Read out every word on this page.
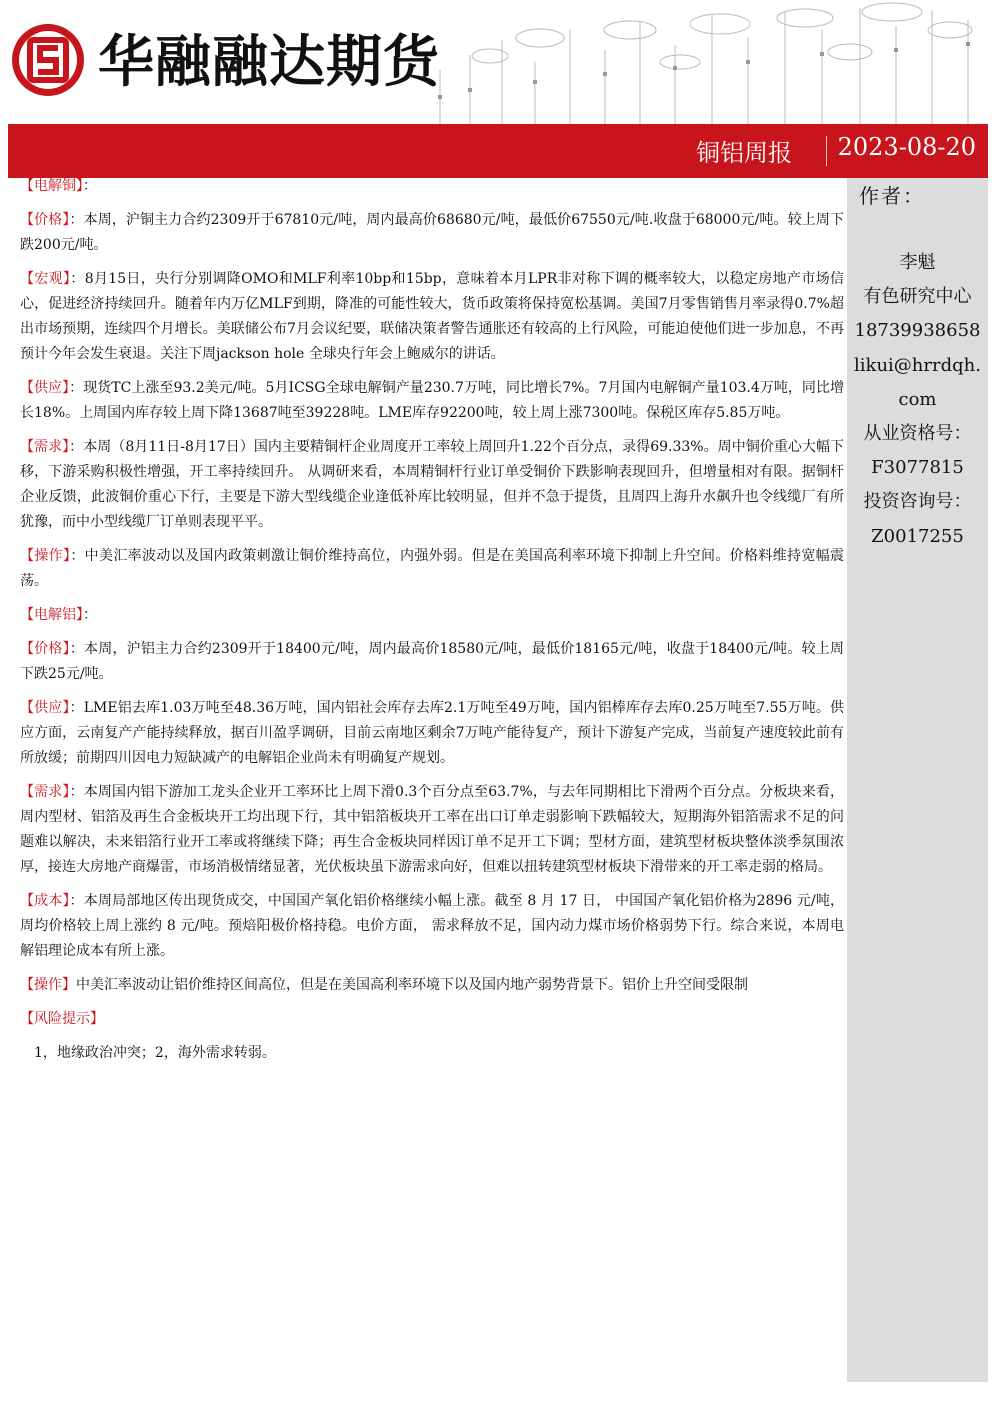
华融融达期货
铜铝周报 2023-08-20
作者：
李魁
有色研究中心
18739938658
likui@hrrdqh.com
从业资格号：
F3077815
投资咨询号：
Z0017255

【电解铜】：

【价格】：本周，沪铜主力合约2309开于67810元/吨，周内最高价68680元/吨，最低价67550元/吨.收盘于68000元/吨。较上周下跌200元/吨。

【宏观】：8月15日，央行分别调降OMO和MLF利率10bp和15bp，意味着本月LPR非对称下调的概率较大，以稳定房地产市场信心，促进经济持续回升。随着年内万亿MLF到期，降准的可能性较大，货币政策将保持宽松基调。美国7月零售销售月率录得0.7%超出市场预期，连续四个月增长。美联储公布7月会议纪要，联储决策者警告通胀还有较高的上行风险，可能迫使他们进一步加息，不再预计今年会发生衰退。关注下周jackson hole 全球央行年会上鲍威尔的讲话。

【供应】：现货TC上涨至93.2美元/吨。5月ICSG全球电解铜产量230.7万吨，同比增长7%。7月国内电解铜产量103.4万吨，同比增长18%。上周国内库存较上周下降13687吨至39228吨。LME库存92200吨，较上周上涨7300吨。保税区库存5.85万吨。

【需求】：本周（8月11日-8月17日）国内主要精铜杆企业周度开工率较上周回升1.22个百分点，录得69.33%。周中铜价重心大幅下移，下游采购积极性增强，开工率持续回升。 从调研来看，本周精铜杆行业订单受铜价下跌影响表现回升，但增量相对有限。据铜杆企业反馈，此波铜价重心下行，主要是下游大型线缆企业逢低补库比较明显，但并不急于提货，且周四上海升水飙升也令线缆厂有所犹豫，而中小型线缆厂订单则表现平平。

【操作】：中美汇率波动以及国内政策刺激让铜价维持高位，内强外弱。但是在美国高利率环境下抑制上升空间。价格料维持宽幅震荡。

【电解铝】：

【价格】：本周，沪铝主力合约2309开于18400元/吨，周内最高价18580元/吨，最低价18165元/吨，收盘于18400元/吨。较上周下跌25元/吨。

【供应】：LME铝去库1.03万吨至48.36万吨，国内铝社会库存去库2.1万吨至49万吨，国内铝棒库存去库0.25万吨至7.55万吨。供应方面，云南复产产能持续释放，据百川盈孚调研，目前云南地区剩余7万吨产能待复产，预计下游复产完成，当前复产速度较此前有所放缓；前期四川因电力短缺减产的电解铝企业尚未有明确复产规划。

【需求】：本周国内铝下游加工龙头企业开工率环比上周下滑0.3个百分点至63.7%，与去年同期相比下滑两个百分点。分板块来看，周内型材、铝箔及再生合金板块开工均出现下行，其中铝箔板块开工率在出口订单走弱影响下跌幅较大，短期海外铝箔需求不足的问题难以解决，未来铝箔行业开工率或将继续下降；再生合金板块同样因订单不足开工下调；型材方面，建筑型材板块整体淡季氛围浓厚，接连大房地产商爆雷，市场消极情绪显著，光伏板块虽下游需求向好，但难以扭转建筑型材板块下滑带来的开工率走弱的格局。

【成本】：本周局部地区传出现货成交，中国国产氧化铝价格继续小幅上涨。截至 8 月 17 日， 中国国产氧化铝价格为2896 元/吨，周均价格较上周上涨约 8 元/吨。预焙阳极价格持稳。电价方面， 需求释放不足，国内动力煤市场价格弱势下行。综合来说，本周电解铝理论成本有所上涨。

【操作】中美汇率波动让铝价维持区间高位，但是在美国高利率环境下以及国内地产弱势背景下。铝价上升空间受限制

【风险提示】

1，地缘政治冲突；2，海外需求转弱。
